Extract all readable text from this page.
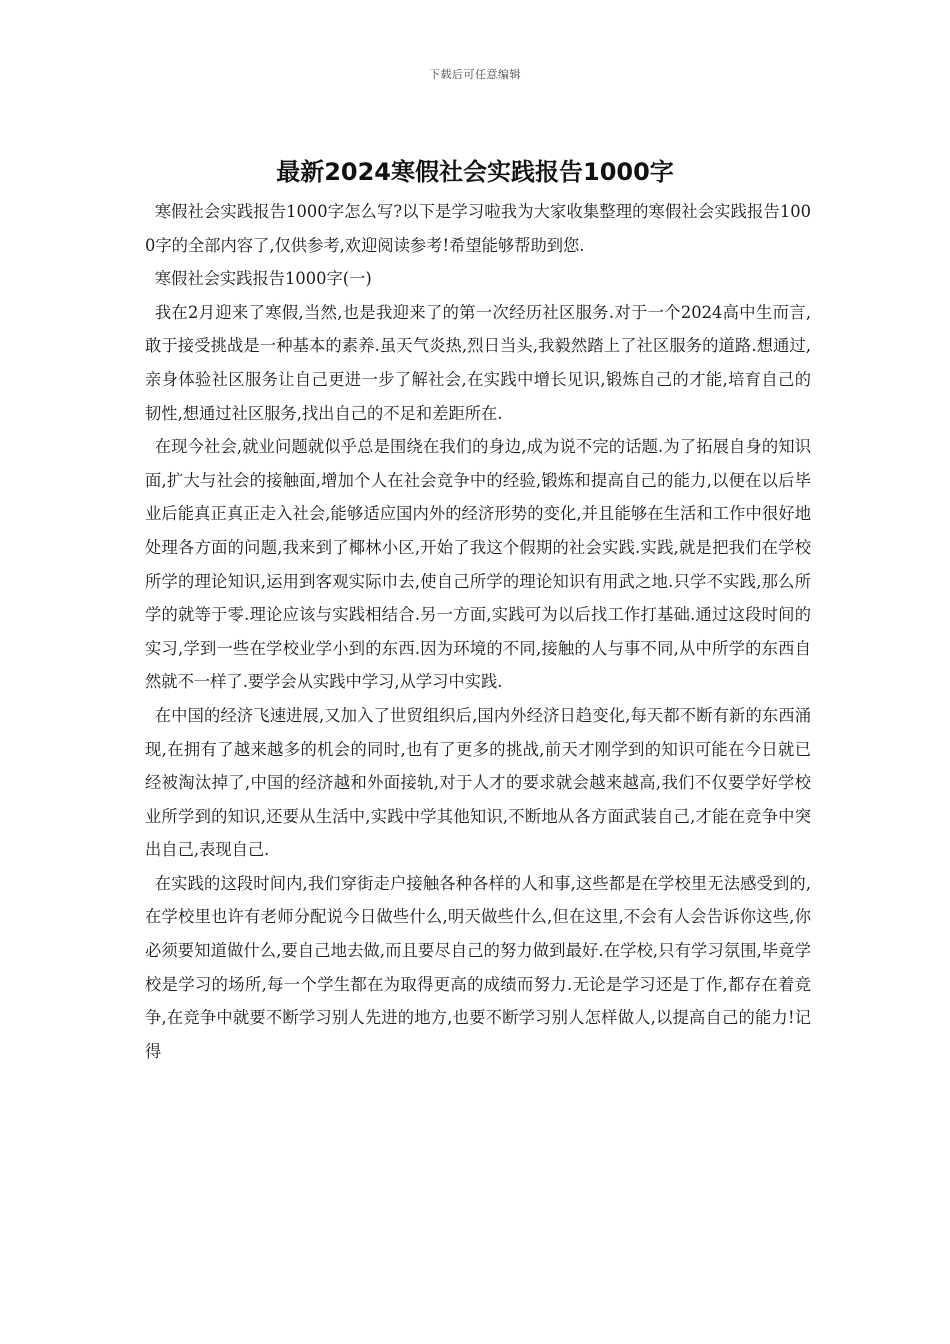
下载后可任意编辑
最新2024寒假社会实践报告1000字

寒假社会实践报告1000字怎么写?以下是学习啦我为大家收集整理的寒假社会实践报告1000字的全部内容了,仅供参考,欢迎阅读参考!希望能够帮助到您.

寒假社会实践报告1000字(一)

我在2月迎来了寒假,当然,也是我迎来了的第一次经历社区服务.对于一个2024高中生而言,敢于接受挑战是一种基本的素养.虽天气炎热,烈日当头,我毅然踏上了社区服务的道路.想通过,亲身体验社区服务让自己更进一步了解社会,在实践中增长见识,锻炼自己的才能,培育自己的韧性,想通过社区服务,找出自己的不足和差距所在.

在现今社会,就业问题就似乎总是围绕在我们的身边,成为说不完的话题.为了拓展自身的知识面,扩大与社会的接触面,增加个人在社会竞争中的经验,锻炼和提高自己的能力,以便在以后毕业后能真正真正走入社会,能够适应国内外的经济形势的变化,并且能够在生活和工作中很好地处理各方面的问题,我来到了椰林小区,开始了我这个假期的社会实践.实践,就是把我们在学校所学的理论知识,运用到客观实际巾去,使自己所学的理论知识有用武之地.只学不实践,那么所学的就等于零.理论应该与实践相结合.另一方面,实践可为以后找工作打基础.通过这段时间的实习,学到一些在学校业学小到的东西.因为环境的不同,接触的人与事不同,从中所学的东西自然就不一样了.要学会从实践中学习,从学习中实践.

在中国的经济飞速进展,又加入了世贸组织后,国内外经济日趋变化,每天都不断有新的东西涌现,在拥有了越来越多的机会的同时,也有了更多的挑战,前天才刚学到的知识可能在今日就已经被淘汰掉了,中国的经济越和外面接轨,对于人才的要求就会越来越高,我们不仅要学好学校业所学到的知识,还要从生活中,实践中学其他知识,不断地从各方面武装自己,才能在竞争中突出自己,表现自己.

在实践的这段时间内,我们穿街走户接触各种各样的人和事,这些都是在学校里无法感受到的,在学校里也许有老师分配说今日做些什么,明天做些什么,但在这里,不会有人会告诉你这些,你必须要知道做什么,要自己地去做,而且要尽自己的努力做到最好.在学校,只有学习氛围,毕竟学校是学习的场所,每一个学生都在为取得更高的成绩而努力.无论是学习还是丁作,都存在着竞争,在竞争中就要不断学习别人先进的地方,也要不断学习别人怎样做人,以提高自己的能力!记得
